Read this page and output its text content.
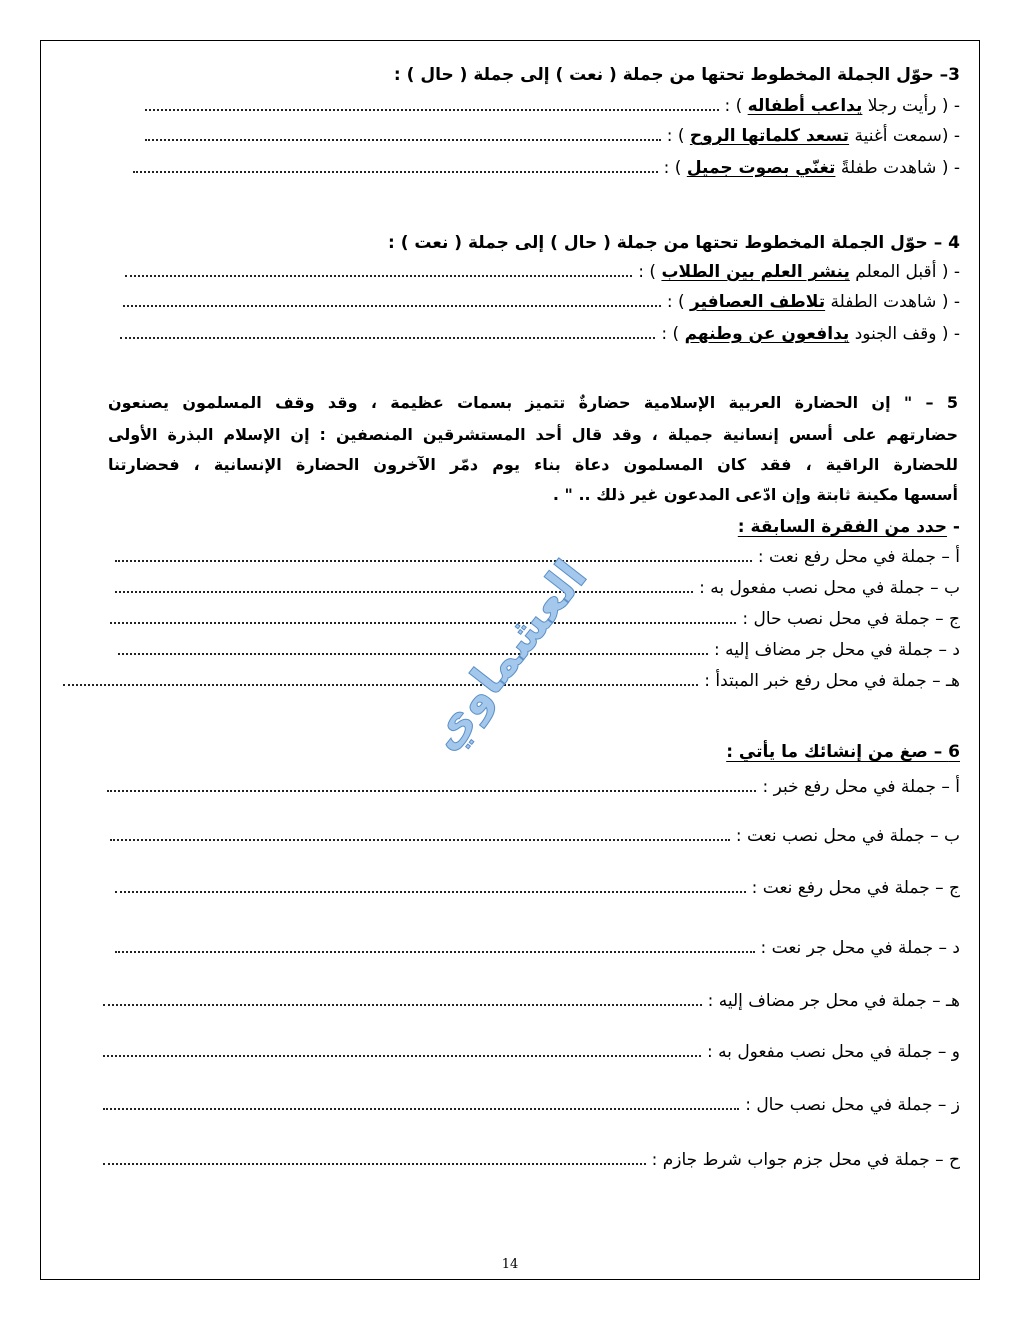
3– حوّل الجملة المخطوط تحتها من جملة ( نعت ) إلى جملة ( حال ) :
- ( رأيت رجلا يداعب أطفاله ) :
- (سمعت أغنية تسعد كلماتها الروح ) :
- ( شاهدت طفلةً تغنّي بصوت جميل ) :
4 – حوّل الجملة المخطوط تحتها من جملة ( حال ) إلى جملة ( نعت ) :
- ( أقبل المعلم ينشر العلم بين الطلاب ) :
- ( شاهدت الطفلة تلاطف العصافير ) :
- ( وقف الجنود يدافعون عن وطنهم ) :
5 – " إن الحضارة العربية الإسلامية حضارةٌ تتميز بسمات عظيمة ، وقد وقف المسلمون يصنعون
حضارتهم على أسس إنسانية جميلة ، وقد قال أحد المستشرقين المنصفين : إن الإسلام البذرة الأولى
للحضارة الراقية ، فقد كان المسلمون دعاة بناء يوم دمّر الآخرون الحضارة الإنسانية ، فحضارتنا
أسسها مكينة ثابتة وإن ادّعى المدعون غير ذلك .. " .
- حدد من الفقرة السابقة :
أ – جملة في محل رفع نعت :
ب – جملة في محل نصب مفعول به :
ج – جملة في محل نصب حال :
د – جملة في محل جر مضاف إليه :
هـ – جملة في محل رفع خبر المبتدأ :
العشماوي	6 – صغ من إنشائك ما يأتي :
أ – جملة في محل رفع خبر :
ب – جملة في محل نصب نعت :
ج – جملة في محل رفع نعت :
د – جملة في محل جر نعت :
هـ – جملة في محل جر مضاف إليه :
و – جملة في محل نصب مفعول به :
ز – جملة في محل نصب حال :
ح – جملة في محل جزم جواب شرط جازم :
14
